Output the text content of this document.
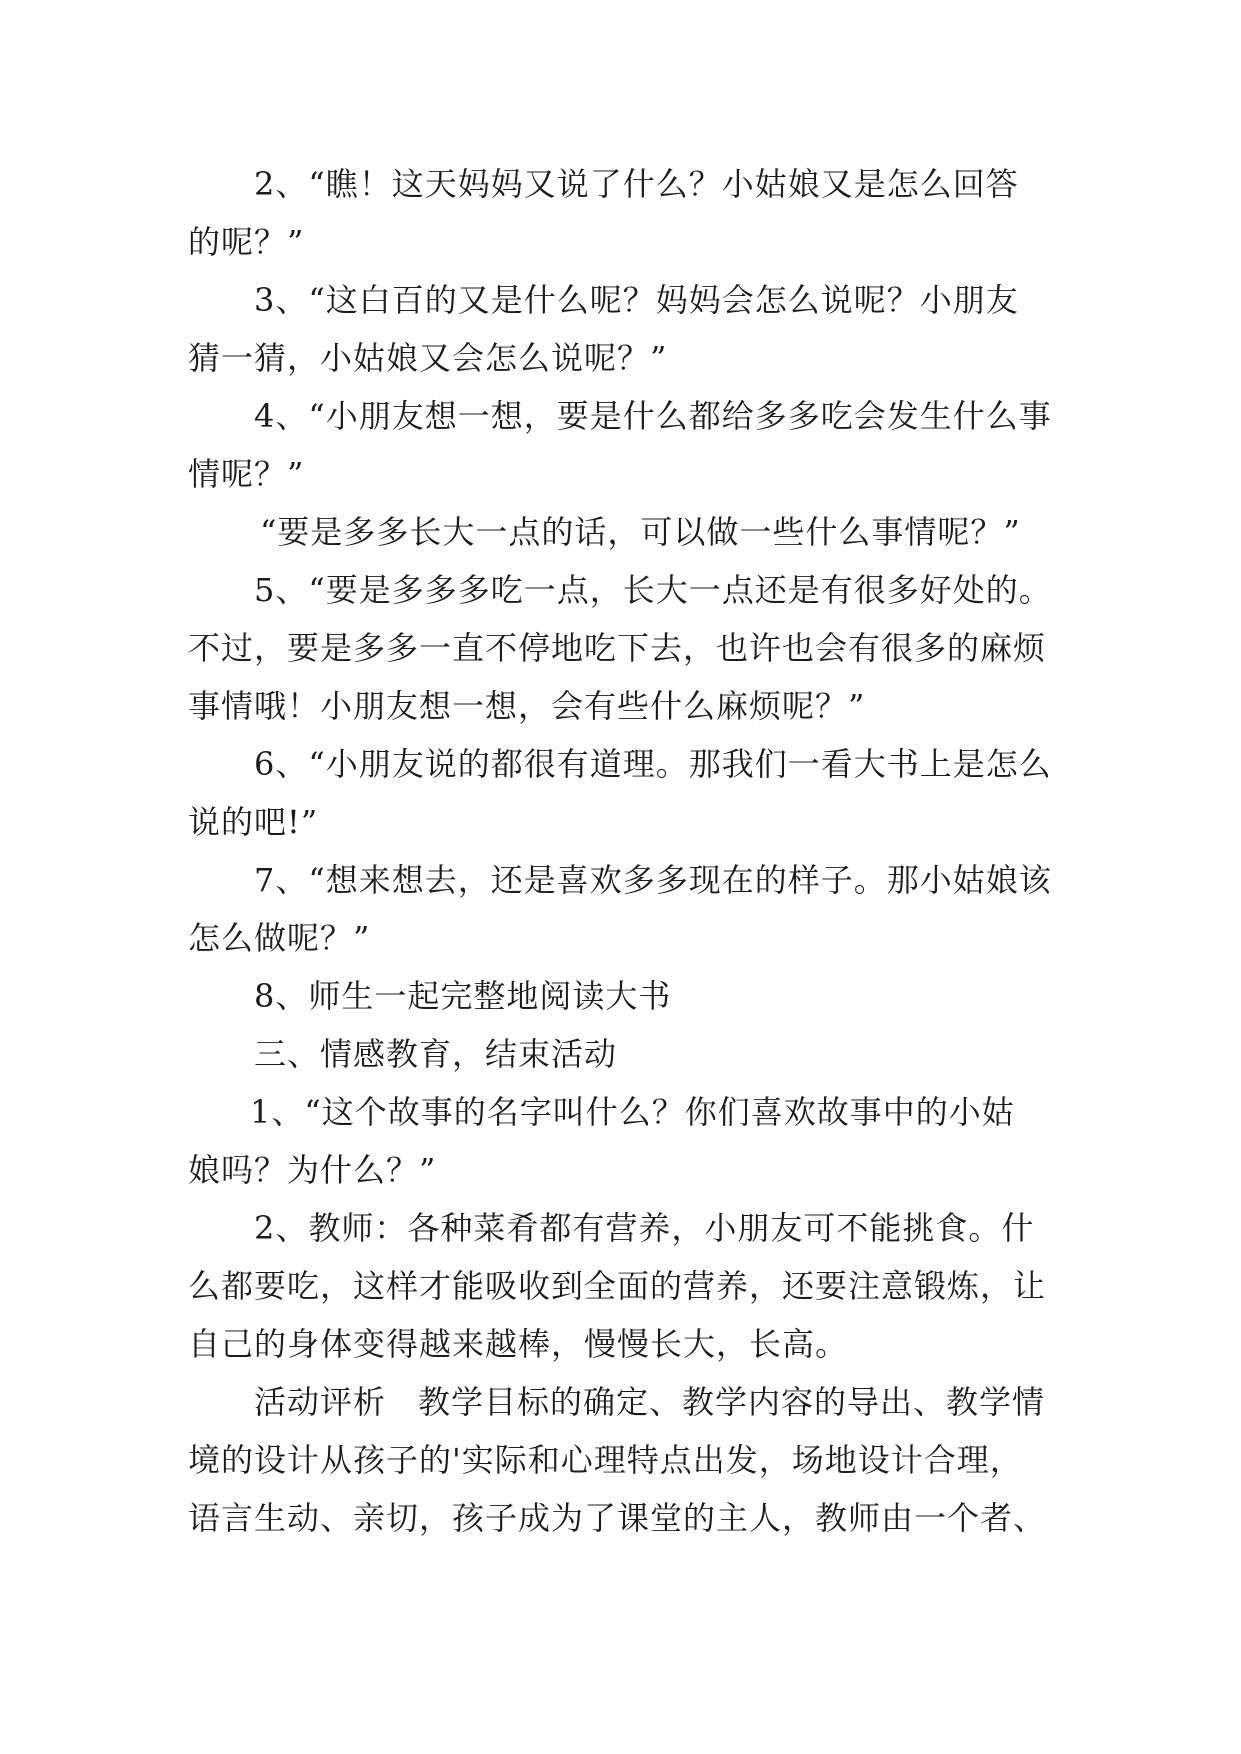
2、“瞧！这天妈妈又说了什么？小姑娘又是怎么回答
的呢？”

3、“这白百的又是什么呢？妈妈会怎么说呢？小朋友
猜一猜，小姑娘又会怎么说呢？”

4、“小朋友想一想，要是什么都给多多吃会发生什么事
情呢？”

“要是多多长大一点的话，可以做一些什么事情呢？”

5、“要是多多多吃一点，长大一点还是有很多好处的。
不过，要是多多一直不停地吃下去，也许也会有很多的麻烦
事情哦！小朋友想一想，会有些什么麻烦呢？”

6、“小朋友说的都很有道理。那我们一看大书上是怎么
说的吧!”

7、“想来想去，还是喜欢多多现在的样子。那小姑娘该
怎么做呢？”

8、师生一起完整地阅读大书

三、情感教育，结束活动

1、“这个故事的名字叫什么？你们喜欢故事中的小姑
娘吗？为什么？”

2、教师：各种菜肴都有营养，小朋友可不能挑食。什
么都要吃，这样才能吸收到全面的营养，还要注意锻炼，让
自己的身体变得越来越棒，慢慢长大，长高。

活动评析 教学目标的确定、教学内容的导出、教学情
境的设计从孩子的'实际和心理特点出发，场地设计合理，
语言生动、亲切，孩子成为了课堂的主人，教师由一个者、
